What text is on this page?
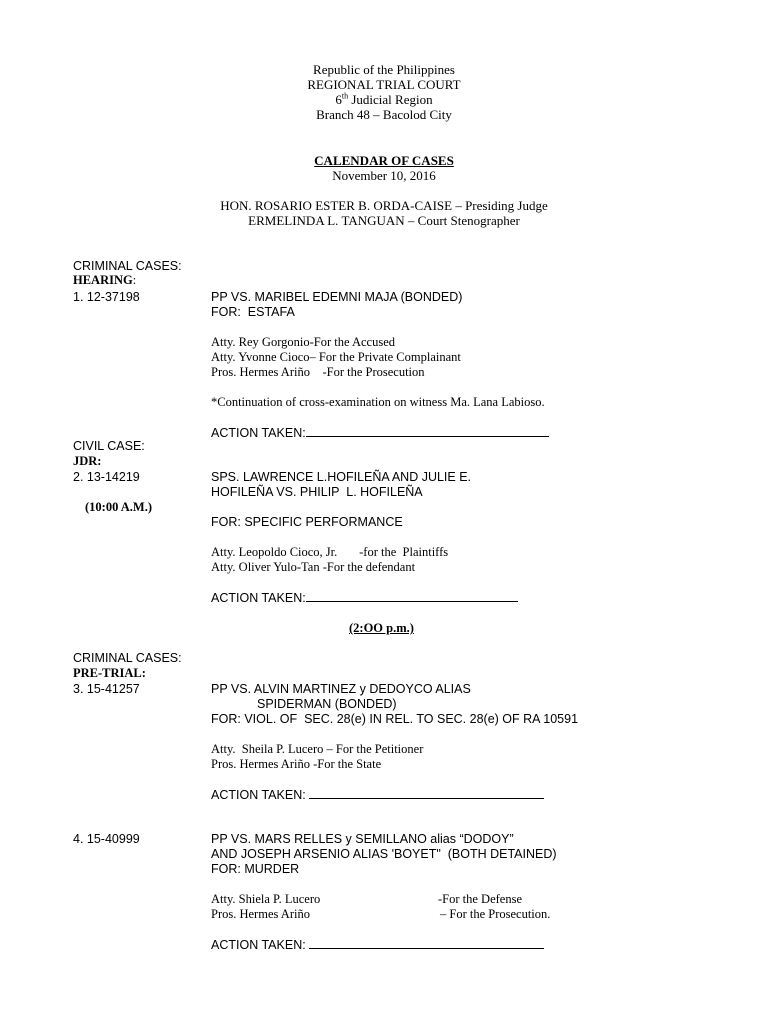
Republic of the Philippines
REGIONAL TRIAL COURT
6th Judicial Region
Branch 48 – Bacolod City
CALENDAR OF CASES
November 10, 2016
HON. ROSARIO ESTER B. ORDA-CAISE – Presiding Judge
ERMELINDA L. TANGUAN – Court Stenographer
CRIMINAL CASES:
HEARING:
1. 12-37198	PP VS. MARIBEL EDEMNI MAJA (BONDED)
FOR:  ESTAFA
Atty. Rey Gorgonio-For the Accused
Atty. Yvonne Cioco– For the Private Complainant
Pros. Hermes Ariño    -For the Prosecution
*Continuation of cross-examination on witness Ma. Lana Labioso.
ACTION TAKEN:
CIVIL CASE:
JDR:
2. 13-14219	SPS. LAWRENCE L.HOFILEÑA AND JULIE E.
HOFILEÑA VS. PHILIP  L. HOFILEÑA
(10:00 A.M.)
FOR: SPECIFIC PERFORMANCE
Atty. Leopoldo Cioco, Jr.       -for the  Plaintiffs
Atty. Oliver Yulo-Tan -For the defendant
ACTION TAKEN:
(2:OO p.m.)
CRIMINAL CASES:
PRE-TRIAL:
3. 15-41257	PP VS. ALVIN MARTINEZ y DEDOYCO ALIAS
SPIDERMAN (BONDED)
FOR: VIOL. OF  SEC. 28(e) IN REL. TO SEC. 28(e) OF RA 10591
Atty.  Sheila P. Lucero – For the Petitioner
Pros. Hermes Ariño -For the State
ACTION TAKEN:
4. 15-40999	PP VS. MARS RELLES y SEMILLANO alias “DODOY”
AND JOSEPH ARSENIO ALIAS 'BOYET"  (BOTH DETAINED)
FOR: MURDER
Atty. Shiela P. Lucero	-For the Defense
Pros. Hermes Ariño	– For the Prosecution.
ACTION TAKEN:
